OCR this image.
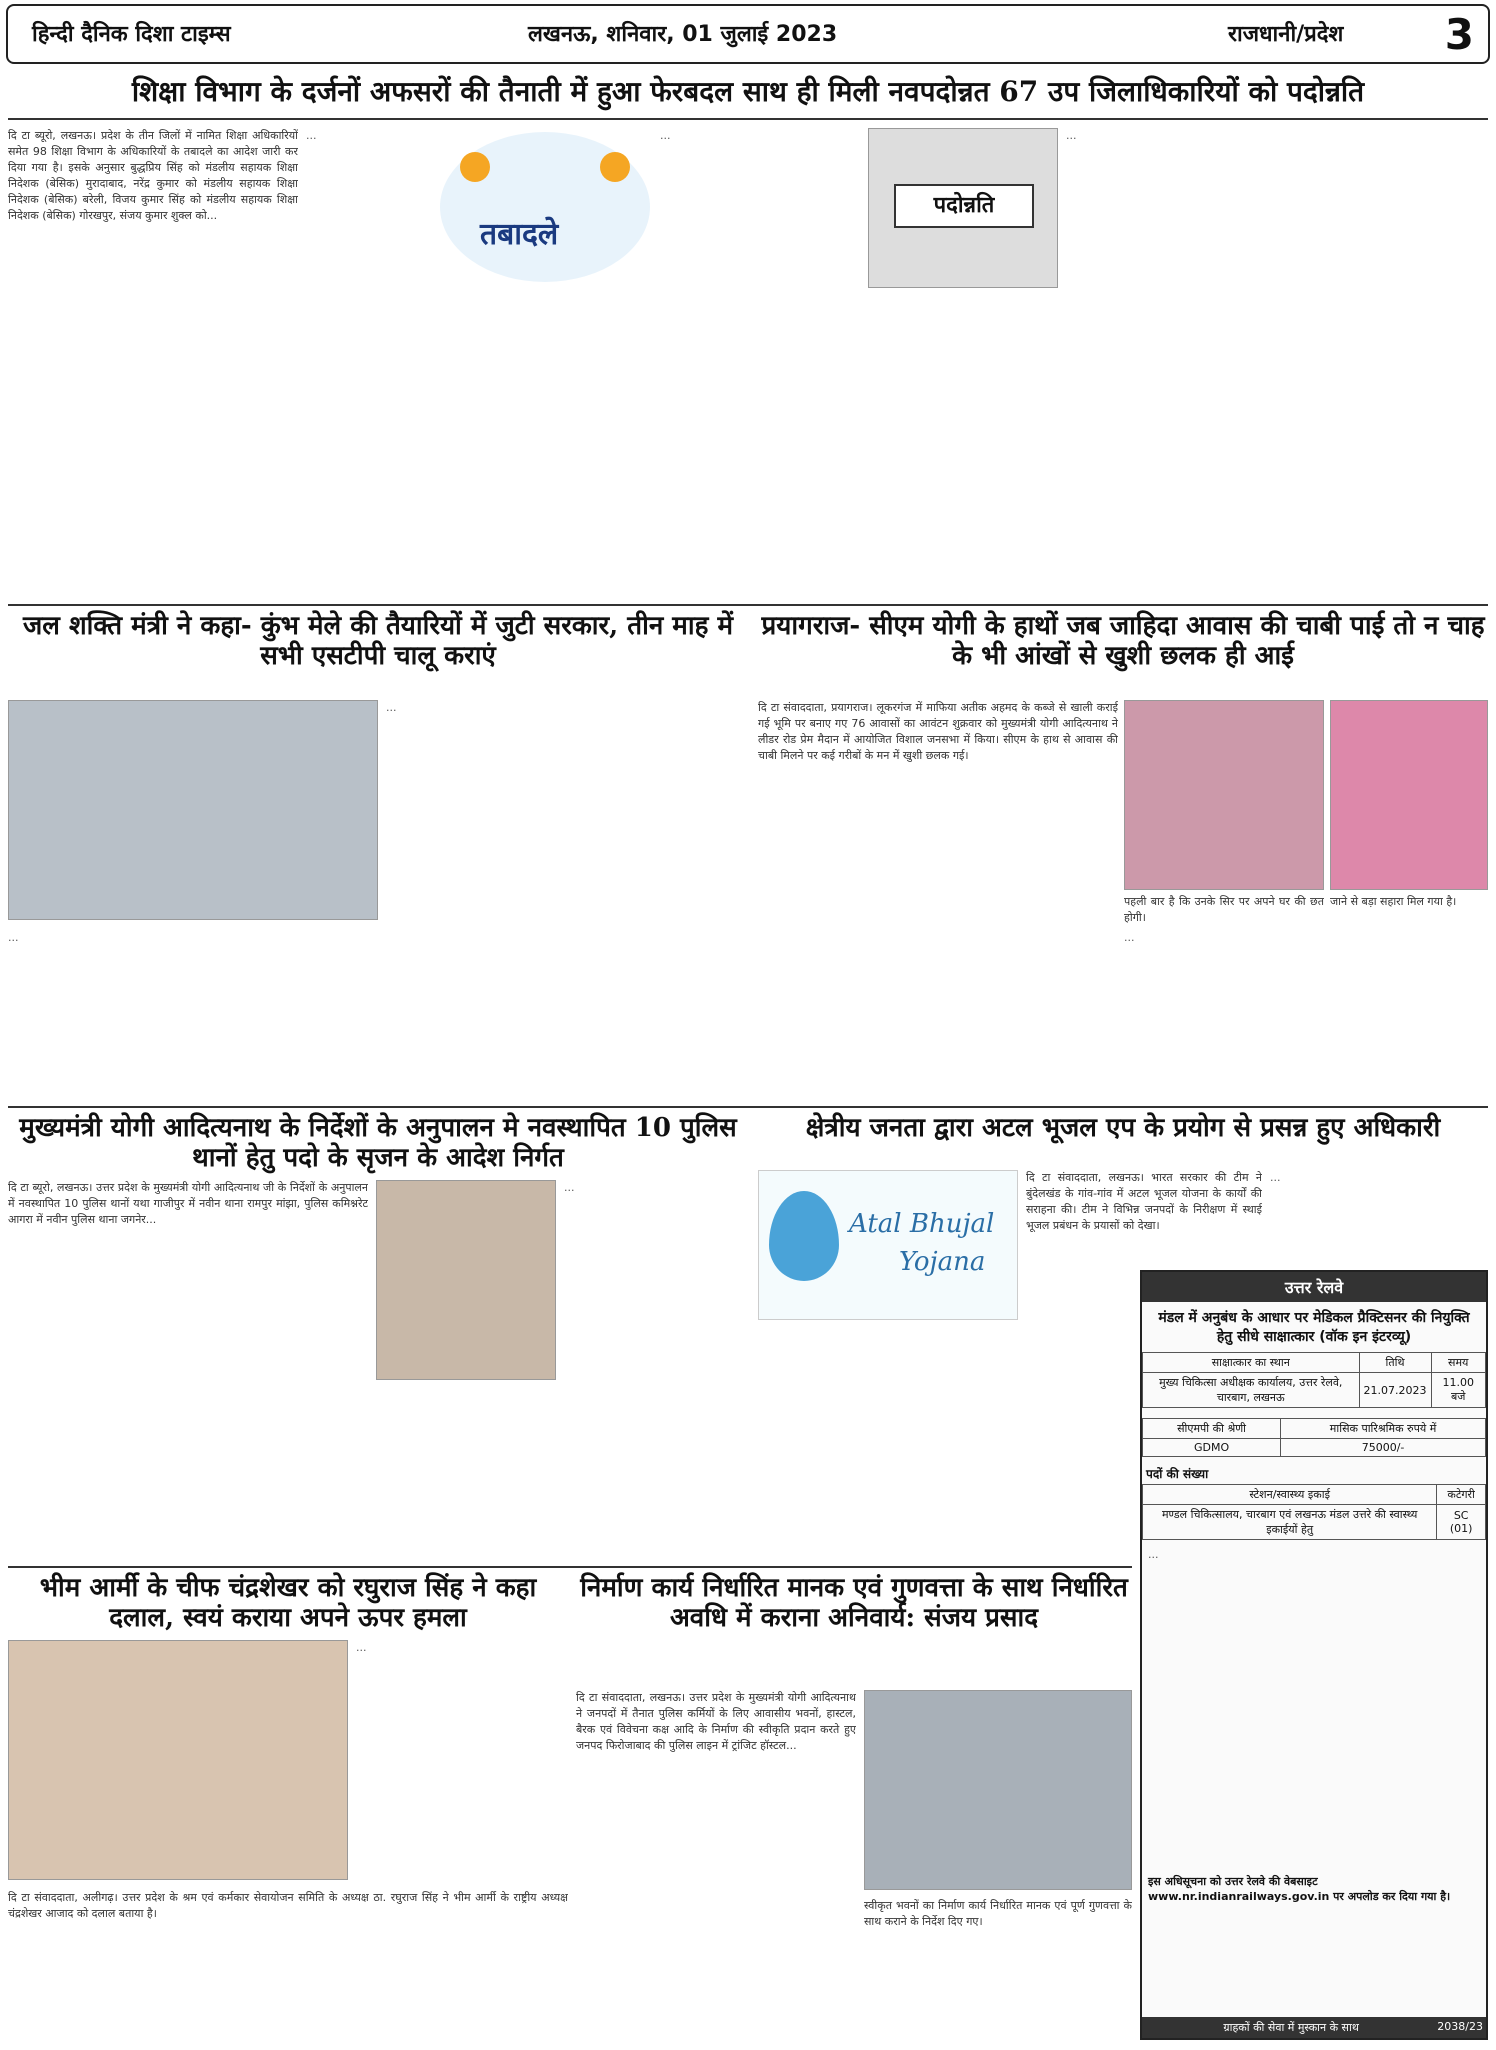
हिन्दी दैनिक दिशा टाइम्स	लखनऊ, शनिवार, 01 जुलाई 2023	राजधानी/प्रदेश 3
शिक्षा विभाग के दर्जनों अफसरों की तैनाती में हुआ फेरबदल साथ ही मिली नवपदोन्नत 67 उप जिलाधिकारियों को पदोन्नति
दि टा ब्यूरो, लखनऊ। प्रदेश के तीन जिलों में नामित शिक्षा अधिकारियों समेत 98 शिक्षा विभाग के अधिकारियों के तबादले का आदेश जारी कर दिया गया है। इसके अनुसार बुद्धप्रिय सिंह को मंडलीय सहायक शिक्षा निदेशक (बेसिक) मुरादाबाद, नरेंद्र कुमार को मंडलीय सहायक शिक्षा निदेशक (बेसिक) बरेली, विजय कुमार सिंह को मंडलीय सहायक शिक्षा निदेशक (बेसिक) गोरखपुर, संजय कुमार शुक्ल को...
...
तबादले
...
पदोन्नति
...
जल शक्ति मंत्री ने कहा- कुंभ मेले की तैयारियों में जुटी सरकार, तीन माह में सभी एसटीपी चालू कराएं
...
...
प्रयागराज- सीएम योगी के हाथों जब जाहिदा आवास की चाबी पाई तो न चाह के भी आंखों से खुशी छलक ही आई
दि टा संवाददाता, प्रयागराज। लूकरगंज में माफिया अतीक अहमद के कब्जे से खाली कराई गई भूमि पर बनाए गए 76 आवासों का आवंटन शुक्रवार को मुख्यमंत्री योगी आदित्यनाथ ने लीडर रोड प्रेम मैदान में आयोजित विशाल जनसभा में किया। सीएम के हाथ से आवास की चाबी मिलने पर कई गरीबों के मन में खुशी छलक गई।
पहली बार है कि उनके सिर पर अपने घर की छत होगी।
जाने से बड़ा सहारा मिल गया है।
...
मुख्यमंत्री योगी आदित्यनाथ के निर्देशों के अनुपालन मे नवस्थापित 10 पुलिस थानों हेतु पदो के सृजन के आदेश निर्गत
दि टा ब्यूरो, लखनऊ। उत्तर प्रदेश के मुख्यमंत्री योगी आदित्यनाथ जी के निर्देशों के अनुपालन में नवस्थापित 10 पुलिस थानों यथा गाजीपुर में नवीन थाना रामपुर मांझा, पुलिस कमिश्नरेट आगरा में नवीन पुलिस थाना जगनेर...
...
क्षेत्रीय जनता द्वारा अटल भूजल एप के प्रयोग से प्रसन्न हुए अधिकारी
Atal Bhujal
Yojana
दि टा संवाददाता, लखनऊ। भारत सरकार की टीम ने बुंदेलखंड के गांव-गांव में अटल भूजल योजना के कार्यों की सराहना की। टीम ने विभिन्न जनपदों के निरीक्षण में स्थाई भूजल प्रबंधन के प्रयासों को देखा।
...
उत्तर रेलवे
मंडल में अनुबंध के आधार पर मेडिकल प्रैक्टिसनर की नियुक्ति हेतु सीधे साक्षात्कार (वॉक इन इंटरव्यू)
साक्षात्कार का स्थान	तिथि	समय
मुख्य चिकित्सा अधीक्षक कार्यालय, उत्तर रेलवे, चारबाग, लखनऊ	21.07.2023	11.00 बजे
सीएमपी की श्रेणी	मासिक पारिश्रमिक रुपये में
GDMO	75000/-
पदों की संख्या
स्टेशन/स्वास्थ्य इकाई	कटेगरी
मण्डल चिकित्सालय, चारबाग एवं लखनऊ मंडल उत्तरे की स्वास्थ्य इकाईयों हेतु	SC (01)
...
इस अधिसूचना को उत्तर रेलवे की वेबसाइट www.nr.indianrailways.gov.in पर अपलोड कर दिया गया है।
ग्राहकों की सेवा में मुस्कान के साथ	2038/23
भीम आर्मी के चीफ चंद्रशेखर को रघुराज सिंह ने कहा दलाल, स्वयं कराया अपने ऊपर हमला
...
दि टा संवाददाता, अलीगढ़। उत्तर प्रदेश के श्रम एवं कर्मकार सेवायोजन समिति के अध्यक्ष ठा. रघुराज सिंह ने भीम आर्मी के राष्ट्रीय अध्यक्ष चंद्रशेखर आजाद को दलाल बताया है।
निर्माण कार्य निर्धारित मानक एवं गुणवत्ता के साथ निर्धारित अवधि में कराना अनिवार्य: संजय प्रसाद
दि टा संवाददाता, लखनऊ। उत्तर प्रदेश के मुख्यमंत्री योगी आदित्यनाथ ने जनपदों में तैनात पुलिस कर्मियों के लिए आवासीय भवनों, हास्टल, बैरक एवं विवेचना कक्ष आदि के निर्माण की स्वीकृति प्रदान करते हुए जनपद फिरोजाबाद की पुलिस लाइन में ट्रांजिट हॉस्टल...
स्वीकृत भवनों का निर्माण कार्य निर्धारित मानक एवं पूर्ण गुणवत्ता के साथ कराने के निर्देश दिए गए।
